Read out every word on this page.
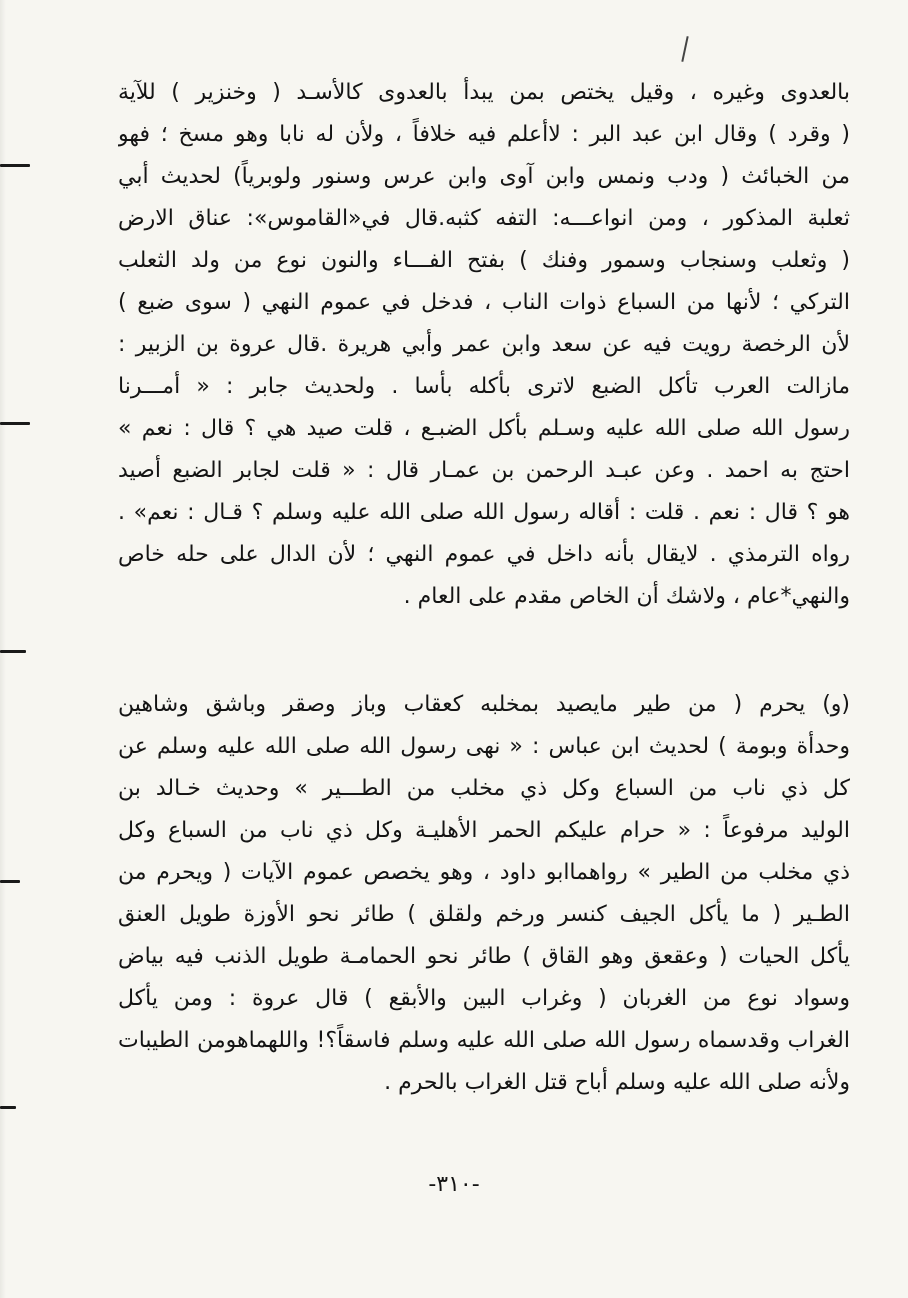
بالعدوى وغيره ، وقيل يختص بمن يبدأ بالعدوى كالأسـد ( وخنزير ) للآية
( وقرد ) وقال ابن عبد البر : لاأعلم فيه خلافاً ، ولأن له نابا وهو مسخ ؛ فهو
من الخبائث ( ودب ونمس وابن آوى وابن عرس وسنور ولوبرياً) لحديث أبي
ثعلبة المذكور ، ومن انواعـــه: التفه كثبه.قال في«القاموس»: عناق الارض
( وثعلب وسنجاب وسمور وفنك ) بفتح الفـــاء والنون نوع من ولد الثعلب
التركي ؛ لأنها من السباع ذوات الناب ، فدخل في عموم النهي ( سوى ضبع )
لأن الرخصة رويت فيه عن سعد وابن عمر وأبي هريرة .قال عروة بن الزبير :
مازالت العرب تأكل الضبع لاترى بأكله بأسا . ولحديث جابر : « أمـــرنا
رسول الله صلى الله عليه وسـلم بأكل الضبـع ، قلت صيد هي ؟ قال : نعم »
احتج به احمد . وعن عبـد الرحمن بن عمـار قال : « قلت لجابر الضبع أصيد
هو ؟ قال : نعم . قلت : أقاله رسول الله صلى الله عليه وسلم ؟ قـال : نعم» .
رواه الترمذي . لايقال بأنه داخل في عموم النهي ؛ لأن الدال على حله خاص
والنهي*عام ، ولاشك أن الخاص مقدم على العام .
(و) يحرم ( من طير مايصيد بمخلبه كعقاب وباز وصقر وباشق وشاهين
وحدأة وبومة ) لحديث ابن عباس : « نهى رسول الله صلى الله عليه وسلم عن
كل ذي ناب من السباع وكل ذي مخلب من الطـــير » وحديث خـالد بن
الوليد مرفوعاً : « حرام عليكم الحمر الأهليـة وكل ذي ناب من السباع وكل
ذي مخلب من الطير » رواهماابو داود ، وهو يخصص عموم الآيات ( ويحرم من
الطـير ( ما يأكل الجيف كنسر ورخم ولقلق ) طائر نحو الأوزة طويل العنق
يأكل الحيات ( وعقعق وهو القاق ) طائر نحو الحمامـة طويل الذنب فيه بياض
وسواد نوع من الغربان ( وغراب البين والأبقع ) قال عروة : ومن يأكل
الغراب وقدسماه رسول الله صلى الله عليه وسلم فاسقاً؟! واللهماهومن الطيبات
ولأنه صلى الله عليه وسلم أباح قتل الغراب بالحرم .
-٣١٠-
